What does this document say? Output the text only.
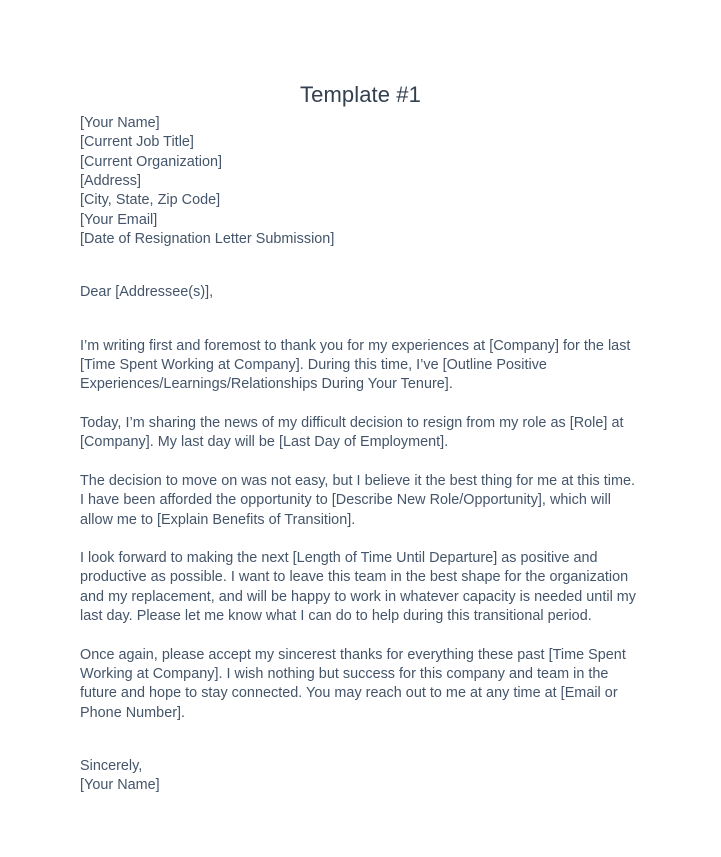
Template #1
[Your Name]
[Current Job Title]
[Current Organization]
[Address]
[City, State, Zip Code]
[Your Email]
[Date of Resignation Letter Submission]

Dear [Addressee(s)],

I’m writing first and foremost to thank you for my experiences at [Company] for the last [Time Spent Working at Company]. During this time, I’ve [Outline Positive Experiences/Learnings/Relationships During Your Tenure].

Today, I’m sharing the news of my difficult decision to resign from my role as [Role] at [Company]. My last day will be [Last Day of Employment].

The decision to move on was not easy, but I believe it the best thing for me at this time. I have been afforded the opportunity to [Describe New Role/Opportunity], which will allow me to [Explain Benefits of Transition].

I look forward to making the next [Length of Time Until Departure] as positive and productive as possible. I want to leave this team in the best shape for the organization and my replacement, and will be happy to work in whatever capacity is needed until my last day. Please let me know what I can do to help during this transitional period.

Once again, please accept my sincerest thanks for everything these past [Time Spent Working at Company]. I wish nothing but success for this company and team in the future and hope to stay connected. You may reach out to me at any time at [Email or Phone Number].

Sincerely,
[Your Name]
